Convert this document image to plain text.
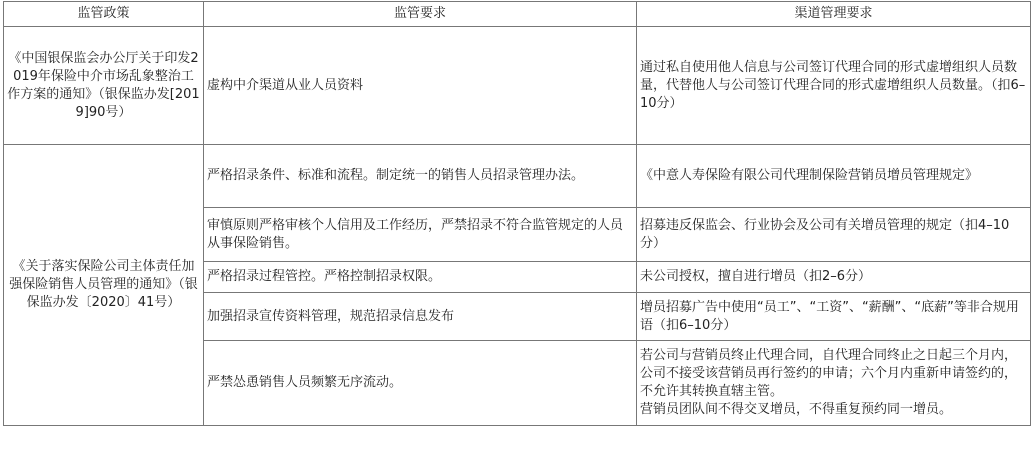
监管政策	监管要求	渠道管理要求
《中国银保监会办公厅关于印发2019年保险中介市场乱象整治工作方案的通知》（银保监办发[2019]90号）	虚构中介渠道从业人员资料	通过私自使用他人信息与公司签订代理合同的形式虚增组织人员数量，代替他人与公司签订代理合同的形式虚增组织人员数量。（扣6–10分）
《关于落实保险公司主体责任加强保险销售人员管理的通知》（银保监办发〔2020〕41号）	严格招录条件、标准和流程。制定统一的销售人员招录管理办法。	《中意人寿保险有限公司代理制保险营销员增员管理规定》
	审慎原则严格审核个人信用及工作经历，严禁招录不符合监管规定的人员从事保险销售。	招募违反保监会、行业协会及公司有关增员管理的规定（扣4–10分）
	严格招录过程管控。严格控制招录权限。	未公司授权，擅自进行增员（扣2–6分）
	加强招录宣传资料管理，规范招录信息发布	增员招募广告中使用“员工”、“工资”、“薪酬”、“底薪”等非合规用语（扣6–10分）
	严禁怂恿销售人员频繁无序流动。	若公司与营销员终止代理合同，自代理合同终止之日起三个月内，公司不接受该营销员再行签约的申请；六个月内重新申请签约的，不允许其转换直辖主管。
营销员团队间不得交叉增员，不得重复预约同一增员。
